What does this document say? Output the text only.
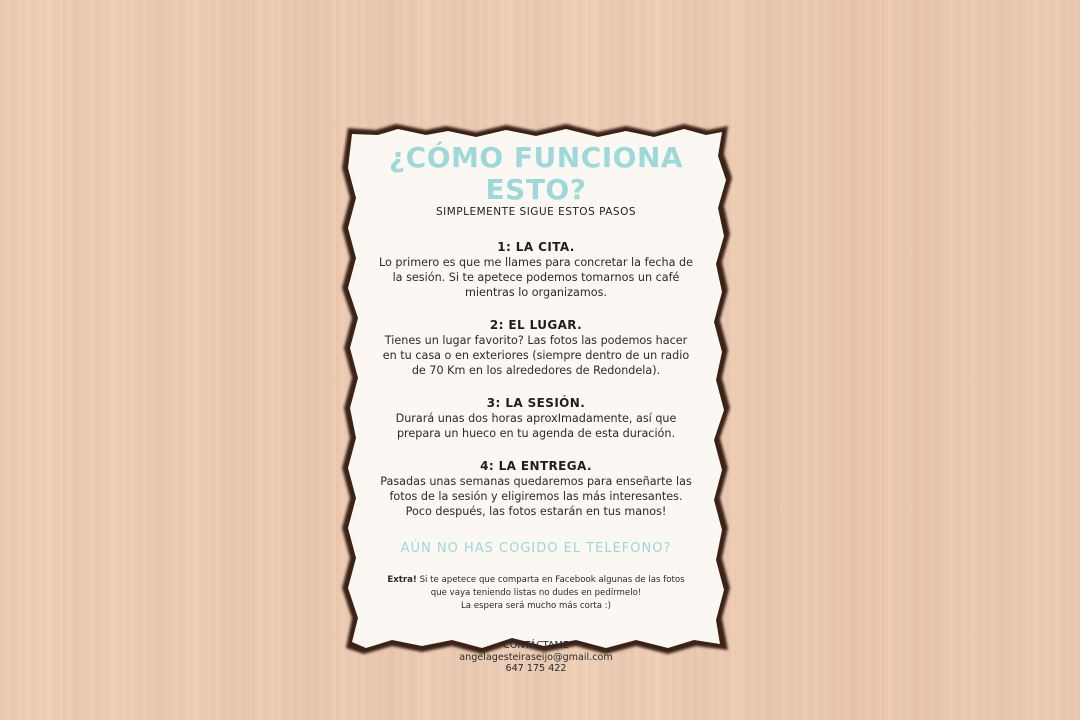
¿CÓMO FUNCIONA ESTO?
SIMPLEMENTE SIGUE ESTOS PASOS
1: LA CITA.
Lo primero es que me llames para concretar la fecha de
la sesión. Si te apetece podemos tomarnos un café
mientras lo organizamos.
2: EL LUGAR.
Tienes un lugar favorito? Las fotos las podemos hacer
en tu casa o en exteriores (siempre dentro de un radio
de 70 Km en los alrededores de Redondela).
3: LA SESIÓN.
Durará unas dos horas aproxImadamente, así que
prepara un hueco en tu agenda de esta duración.
4: LA ENTREGA.
Pasadas unas semanas quedaremos para enseñarte las
fotos de la sesión y eligiremos las más interesantes.
Poco después, las fotos estarán en tus manos!
AÚN NO HAS COGIDO EL TELEFONO?
Extra! Si te apetece que comparta en Facebook algunas de las fotos
que vaya teniendo listas no dudes en pedírmelo!
La espera será mucho más corta :)
CONTÁCTAME
angelagesteiraseijo@gmail.com
647 175 422
